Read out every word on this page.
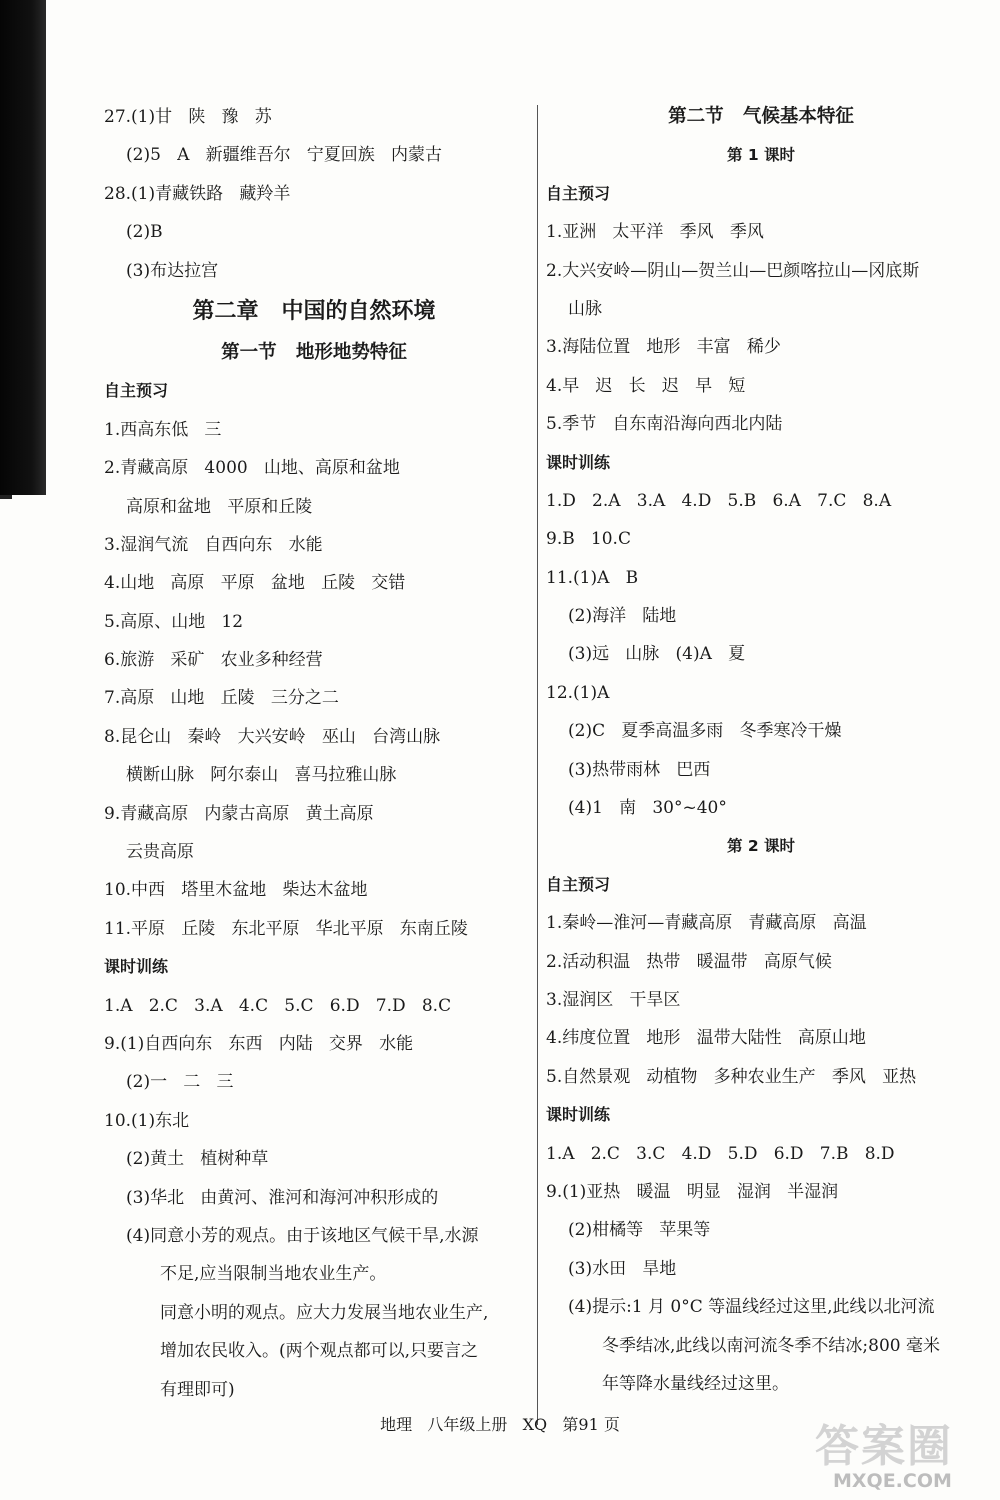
27.(1)甘   陕   豫   苏
(2)5   A   新疆维吾尔   宁夏回族   内蒙古
28.(1)青藏铁路   藏羚羊
(2)B
(3)布达拉宫
第二章   中国的自然环境
第一节   地形地势特征
自主预习
1.西高东低   三
2.青藏高原   4000   山地、高原和盆地
高原和盆地   平原和丘陵
3.湿润气流   自西向东   水能
4.山地   高原   平原   盆地   丘陵   交错
5.高原、山地   12
6.旅游   采矿   农业多种经营
7.高原   山地   丘陵   三分之二
8.昆仑山   秦岭   大兴安岭   巫山   台湾山脉
横断山脉   阿尔泰山   喜马拉雅山脉
9.青藏高原   内蒙古高原   黄土高原
云贵高原
10.中西   塔里木盆地   柴达木盆地
11.平原   丘陵   东北平原   华北平原   东南丘陵
课时训练
1.A   2.C   3.A   4.C   5.C   6.D   7.D   8.C
9.(1)自西向东   东西   内陆   交界   水能
(2)一   二   三
10.(1)东北
(2)黄土   植树种草
(3)华北   由黄河、淮河和海河冲积形成的
(4)同意小芳的观点。由于该地区气候干旱,水源
不足,应当限制当地农业生产。
同意小明的观点。应大力发展当地农业生产,
增加农民收入。(两个观点都可以,只要言之
有理即可)
第二节   气候基本特征
第 1 课时
自主预习
1.亚洲   太平洋   季风   季风
2.大兴安岭—阴山—贺兰山—巴颜喀拉山—冈底斯
山脉
3.海陆位置   地形   丰富   稀少
4.早   迟   长   迟   早   短
5.季节   自东南沿海向西北内陆
课时训练
1.D   2.A   3.A   4.D   5.B   6.A   7.C   8.A
9.B   10.C
11.(1)A   B
(2)海洋   陆地
(3)远   山脉   (4)A   夏
12.(1)A
(2)C   夏季高温多雨   冬季寒冷干燥
(3)热带雨林   巴西
(4)1   南   30°~40°
第 2 课时
自主预习
1.秦岭—淮河—青藏高原   青藏高原   高温
2.活动积温   热带   暖温带   高原气候
3.湿润区   干旱区
4.纬度位置   地形   温带大陆性   高原山地
5.自然景观   动植物   多种农业生产   季风   亚热
课时训练
1.A   2.C   3.C   4.D   5.D   6.D   7.B   8.D
9.(1)亚热   暖温   明显   湿润   半湿润
(2)柑橘等   苹果等
(3)水田   旱地
(4)提示:1 月 0°C 等温线经过这里,此线以北河流
冬季结冰,此线以南河流冬季不结冰;800 毫米
年等降水量线经过这里。
地理   八年级上册   XQ   第91 页	答案圈
MXQE.COM
